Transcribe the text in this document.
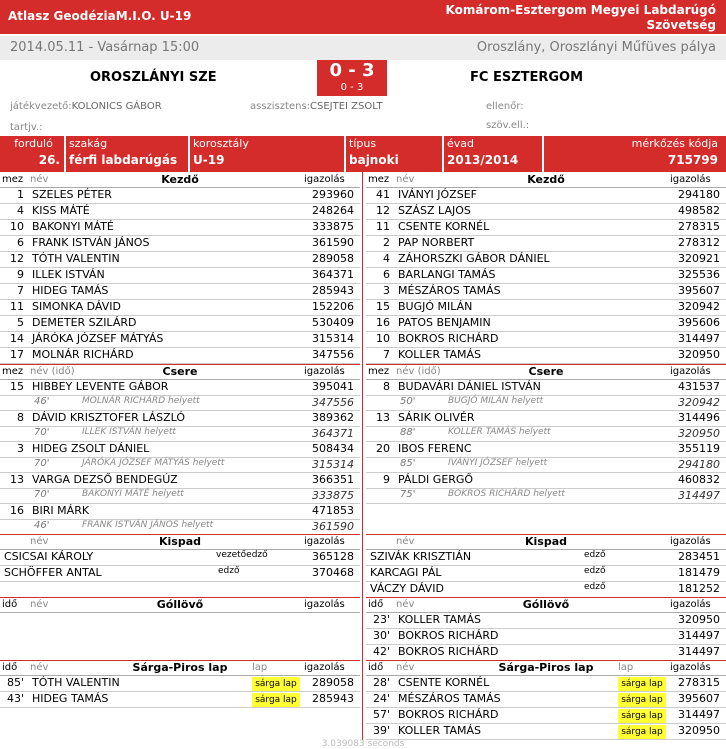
Atlasz GeodéziaM.I.O. U-19	Komárom-Esztergom Megyei Labdarúgó
Szövetség
2014.05.11 - Vasárnap 15:00	Oroszlány, Oroszlányi Műfüves pálya
OROSZLÁNYI SZE	FC ESZTERGOM
0 - 3
0 - 3
játékvezető:KOLONICS GÁBOR	asszisztens:CSEJTEI ZSOLT	ellenőr:
tartjv.:	szöv.ell.:
forduló
26.
szakág
férfi labdarúgás
korosztály
U-19
típus
bajnoki
évad
2013/2014
mérkőzés kódja
715799
mez név	Kezdő	igazolás
1 SZELES PÉTER	293960
4 KISS MÁTÉ	248264
10 BAKONYI MÁTÉ	333875
6 FRANK ISTVÁN JÁNOS	361590
12 TÓTH VALENTIN	289058
9 ILLEK ISTVÁN	364371
7 HIDEG TAMÁS	285943
11 SIMONKA DÁVID	152206
5 DEMETER SZILÁRD	530409
14 JÁRÓKA JÓZSEF MÁTYÁS	315314
17 MOLNÁR RICHÁRD	347556
mez név	Kezdő	igazolás
41 IVÁNYI JÓZSEF	294180
12 SZÁSZ LAJOS	498582
11 CSENTE KORNÉL	278315
2 PAP NORBERT	278312
4 ZÁHORSZKI GÁBOR DÁNIEL	320921
6 BARLANGI TAMÁS	325536
3 MÉSZÁROS TAMÁS	395607
15 BUGJÓ MILÁN	320942
16 PATOS BENJAMIN	395606
10 BOKROS RICHÁRD	314497
7 KOLLER TAMÁS	320950
mez név (idő)	Csere	igazolás
15 HIBBEY LEVENTE GÁBOR	395041
46'	MOLNÁR RICHÁRD helyett	347556
8 DÁVID KRISZTOFER LÁSZLÓ	389362
70'	ILLEK ISTVÁN helyett	364371
3 HIDEG ZSOLT DÁNIEL	508434
70'	JÁRÓKA JÓZSEF MÁTYÁS helyett	315314
13 VARGA DEZSŐ BENDEGÚZ	366351
70'	BAKONYI MÁTÉ helyett	333875
16 BIRI MÁRK	471853
46'	FRANK ISTVÁN JÁNOS helyett	361590
mez név (idő)	Csere	igazolás
8 BUDAVÁRI DÁNIEL ISTVÁN	431537
50'	BUGJÓ MILÁN helyett	320942
13 SÁRIK OLIVÉR	314496
88'	KOLLER TAMÁS helyett	320950
20 IBOS FERENC	355119
85'	IVÁNYI JÓZSEF helyett	294180
9 PÁLDI GERGŐ	460832
75'	BOKROS RICHÁRD helyett	314497
név	Kispad	igazolás
CSICSAI KÁROLY	vezetőedző	365128
SCHÖFFER ANTAL	edző	370468
név	Kispad	igazolás
SZIVÁK KRISZTIÁN	edző	283451
KARCAGI PÁL	edző	181479
VÁCZY DÁVID	edző	181252
idő név	Góllövő	igazolás idő név	Góllövő	igazolás
23' KOLLER TAMÁS	320950
30' BOKROS RICHÁRD	314497
42' BOKROS RICHÁRD	314497
idő név	Sárga-Piros lap	igazolás
lap
85' TÓTH VALENTIN	sárga lap	289058
43' HIDEG TAMÁS	sárga lap	285943
idő név	Sárga-Piros lap	igazolás
lap
28' CSENTE KORNÉL	sárga lap	278315
24' MÉSZÁROS TAMÁS	sárga lap	395607
57' BOKROS RICHÁRD	sárga lap	314497
39' KOLLER TAMÁS	sárga lap	320950
3.039083 seconds
